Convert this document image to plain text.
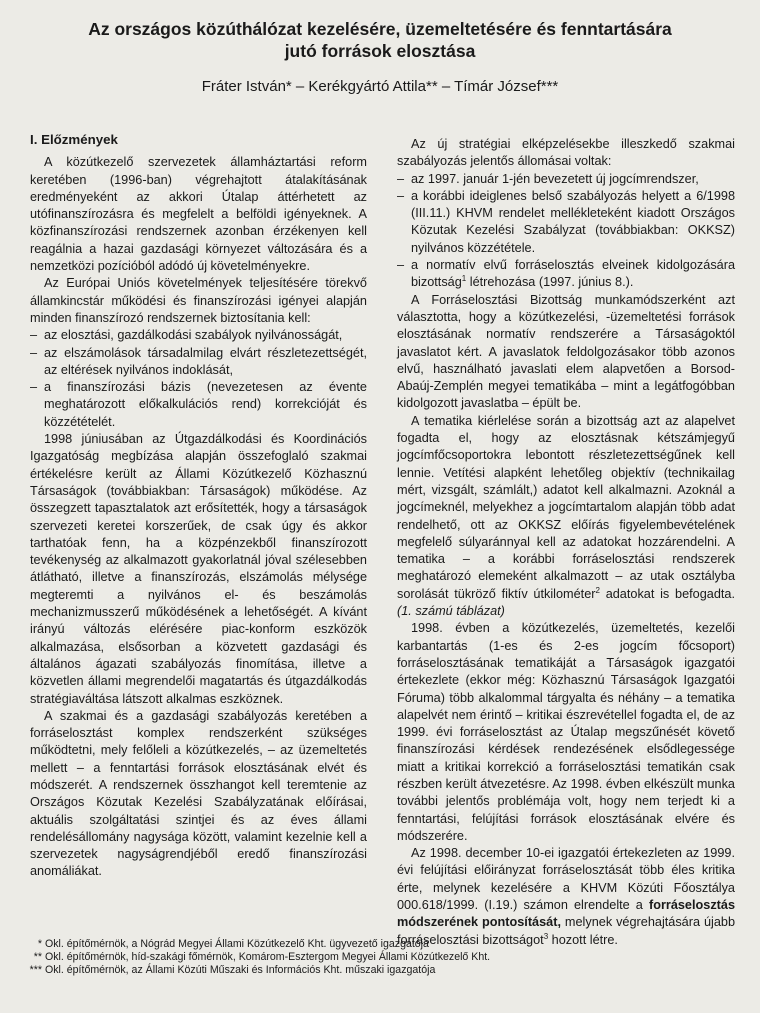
Az országos közúthálózat kezelésére, üzemeltetésére és fenntartására
jutó források elosztása
Fráter István* – Kerékgyártó Attila** – Tímár József***
I. Előzmények

A közútkezelő szervezetek államháztartási reform keretében (1996-ban) végrehajtott átalakításának eredményeként az akkori Útalap áttérhetett az utófinanszírozásra és megfelelt a belföldi igényeknek. A közfinanszírozási rendszernek azonban érzékenyen kell reagálnia a hazai gazdasági környezet változására és a nemzetközi pozícióból adódó új követelményekre.

Az Európai Uniós követelmények teljesítésére törekvő államkincstár működési és finanszírozási igényei alapján minden finanszírozó rendszernek biztosítania kell:

– az elosztási, gazdálkodási szabályok nyilvánosságát,
– az elszámolások társadalmilag elvárt részletezettségét, az eltérések nyilvános indoklását,
– a finanszírozási bázis (nevezetesen az évente meghatározott előkalkulációs rend) korrekcióját és közzétételét.

1998 júniusában az Útgazdálkodási és Koordinációs Igazgatóság megbízása alapján összefoglaló szakmai értékelésre került az Állami Közútkezelő Közhasznú Társaságok (továbbiakban: Társaságok) működése. Az összegzett tapasztalatok azt erősítették, hogy a társaságok szervezeti keretei korszerűek, de csak úgy és akkor tarthatóak fenn, ha a közpénzekből finanszírozott tevékenység az alkalmazott gyakorlatnál jóval szélesebben átlátható, illetve a finanszírozás, elszámolás mélysége megteremti a nyilvános el- és beszámolás mechanizmusszerű működésének a lehetőségét. A kívánt irányú változás elérésére piac-konform eszközök alkalmazása, elsősorban a közvetett gazdasági és általános ágazati szabályozás finomítása, illetve a közvetlen állami megrendelői magatartás és útgazdálkodás stratégiaváltása látszott alkalmas eszköznek.

A szakmai és a gazdasági szabályozás keretében a forráselosztást komplex rendszerként szükséges működtetni, mely felőleli a közútkezelés, – az üzemeltetés mellett – a fenntartási források elosztásának elvét és módszerét. A rendszernek összhangot kell teremtenie az Országos Közutak Kezelési Szabályzatának előírásai, aktuális szolgáltatási szintjei és az éves állami rendelésállomány nagysága között, valamint kezelnie kell a szervezetek nagyságrendjéből eredő finanszírozási anomáliákat.

Az új stratégiai elképzelésekbe illeszkedő szakmai szabályozás jelentős állomásai voltak:

– az 1997. január 1-jén bevezetett új jogcímrendszer,
– a korábbi ideiglenes belső szabályozás helyett a 6/1998 (III.11.) KHVM rendelet mellékleteként kiadott Országos Közutak Kezelési Szabályzat (továbbiakban: OKKSZ) nyilvános közzététele.
– a normatív elvű forráselosztás elveinek kidolgozására bizottság$^1$ létrehozása (1997. június 8.).

A Forráselosztási Bizottság munkamódszerként azt választotta, hogy a közútkezelési, -üzemeltetési források elosztásának normatív rendszerére a Társaságoktól javaslatot kért. A javaslatok feldolgozásakor több azonos elvű, használható javaslati elem alapvetően a Borsod-Abaúj-Zemplén megyei tematikába – mint a legátfogóbban kidolgozott javaslatba – épült be.

A tematika kiérlelése során a bizottság azt az alapelvet fogadta el, hogy az elosztásnak kétszámjegyű jogcímfőcsoportokra lebontott részletezettségűnek kell lennie. Vetítési alapként lehetőleg objektív (technikailag mért, vizsgált, számlált,) adatot kell alkalmazni. Azoknál a jogcímeknél, melyekhez a jogcímtartalom alapján több adat rendelhető, ott az OKKSZ előírás figyelembevételének megfelelő súlyaránnyal kell az adatokat hozzárendelni. A tematika – a korábbi forráselosztási rendszerek meghatározó elemeként alkalmazott – az utak osztályba sorolását tükröző fiktív útkilométer$^2$ adatokat is befogadta. (1. számú táblázat)

1998. évben a közútkezelés, üzemeltetés, kezelői karbantartás (1-es és 2-es jogcím főcsoport) forráselosztásának tematikáját a Társaságok igazgatói értekezlete (ekkor még: Közhasznú Társaságok Igazgatói Fóruma) több alkalommal tárgyalta és néhány – a tematika alapelvét nem érintő – kritikai észrevétellel fogadta el, de az 1999. évi forráselosztást az Útalap megszűnését követő finanszírozási kérdések rendezésének elsődlegessége miatt a kritikai korrekció a forráselosztási tematikán csak részben került átvezetésre. Az 1998. évben elkészült munka további jelentős problémája volt, hogy nem terjedt ki a fenntartási, felújítási források elosztásának elvére és módszerére.

Az 1998. december 10-ei igazgatói értekezleten az 1999. évi felújítási előirányzat forráselosztását több éles kritika érte, melynek kezelésére a KHVM Közúti Főosztálya 000.618/1999. (I.19.) számon elrendelte a forráselosztás módszerének pontosítását, melynek végrehajtására újabb forráselosztási bizottságot$^3$ hozott létre.

* Okl. építőmérnök, a Nógrád Megyei Állami Közútkezelő Kht. ügyvezető igazgatója
** Okl. építőmérnök, híd-szakági főmérnök, Komárom-Esztergom Megyei Állami Közútkezelő Kht.
*** Okl. építőmérnök, az Állami Közúti Műszaki és Információs Kht. műszaki igazgatója
